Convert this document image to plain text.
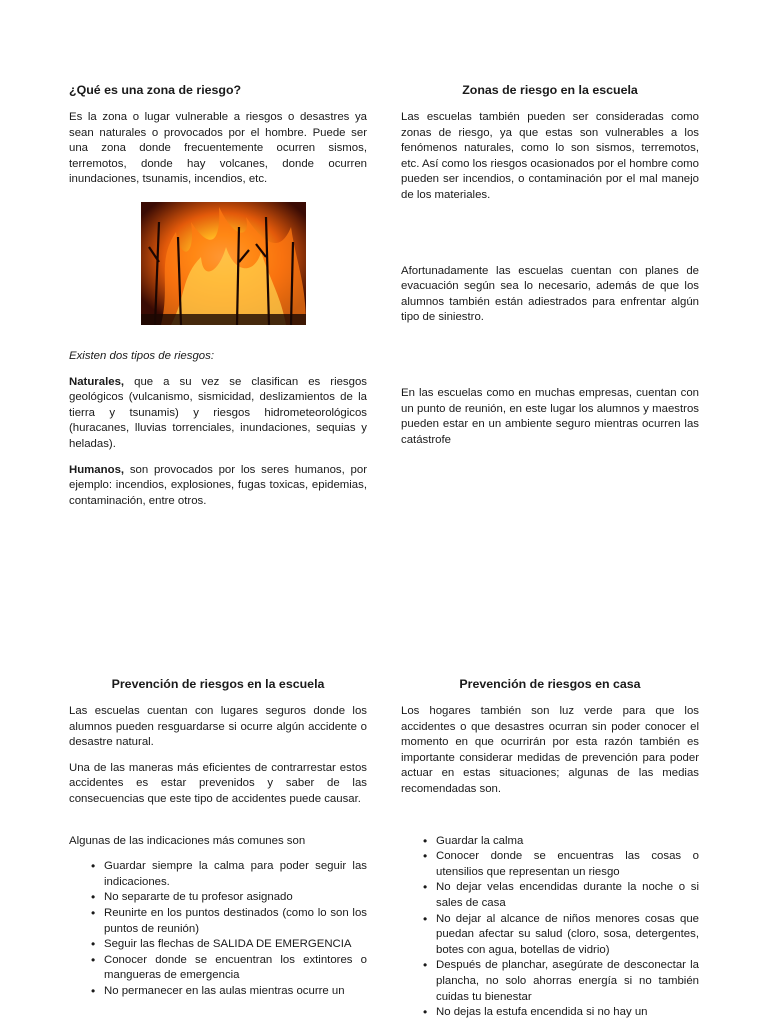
¿Qué es una zona de riesgo?

Es la zona o lugar vulnerable a riesgos o desastres ya sean naturales o provocados por el hombre. Puede ser una zona donde frecuentemente ocurren sismos, terremotos, donde hay volcanes, donde ocurren inundaciones, tsunamis, incendios, etc.

Existen dos tipos de riesgos:

Naturales, que a su vez se clasifican es riesgos geológicos (vulcanismo, sismicidad, deslizamientos de la tierra y tsunamis) y riesgos hidrometeorológicos (huracanes, lluvias torrenciales, inundaciones, sequias y heladas).

Humanos, son provocados por los seres humanos, por ejemplo: incendios, explosiones, fugas toxicas, epidemias, contaminación, entre otros.

Zonas de riesgo en la escuela

Las escuelas también pueden ser consideradas como zonas de riesgo, ya que estas son vulnerables a los fenómenos naturales, como lo son sismos, terremotos, etc. Así como los riesgos ocasionados por el hombre como pueden ser incendios, o contaminación por el mal manejo de los materiales.

Afortunadamente las escuelas cuentan con planes de evacuación según sea lo necesario, además de que los alumnos también están adiestrados para enfrentar algún tipo de siniestro.

En las escuelas como en muchas empresas, cuentan con un punto de reunión, en este lugar los alumnos y maestros pueden estar en un ambiente seguro mientras ocurren las catástrofe

Prevención de riesgos en la escuela

Las escuelas cuentan con lugares seguros donde los alumnos pueden resguardarse si ocurre algún accidente o desastre natural.

Una de las maneras más eficientes de contrarrestar estos accidentes es estar prevenidos y saber de las consecuencias que este tipo de accidentes puede causar.

Algunas de las indicaciones más comunes son

• Guardar siempre la calma para poder seguir las indicaciones.
• No separarte de tu profesor asignado
• Reunirte en los puntos destinados (como lo son los puntos de reunión)
• Seguir las flechas de SALIDA DE EMERGENCIA
• Conocer donde se encuentran los extintores o mangueras de emergencia
• No permanecer en las aulas mientras ocurre un
Prevención de riesgos en casa

Los hogares también son luz verde para que los accidentes o que desastres ocurran sin poder conocer el momento en que ocurrirán por esta razón también es importante considerar medidas de prevención para poder actuar en estas situaciones; algunas de las medias recomendadas son.

• Guardar la calma
• Conocer donde se encuentras las cosas o utensilios que representan un riesgo
• No dejar velas encendidas durante la noche o si sales de casa
• No dejar al alcance de niños menores cosas que puedan afectar su salud (cloro, sosa, detergentes, botes con agua, botellas de vidrio)
• Después de planchar, asegúrate de desconectar la plancha, no solo ahorras energía si no también cuidas tu bienestar
• No dejas la estufa encendida si no hay un
